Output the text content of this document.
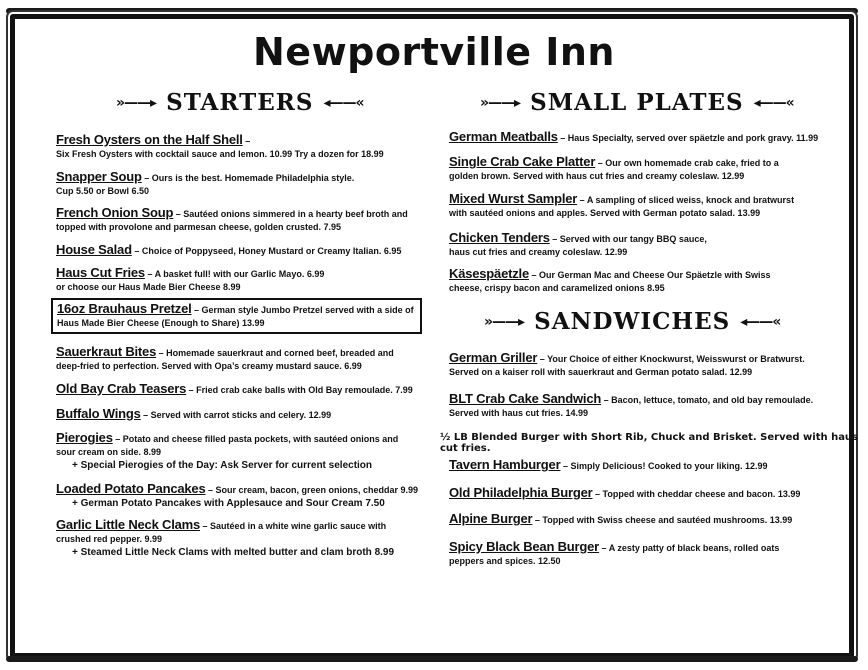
Newportville Inn
»——▸ STARTERS ◂——«	»——▸ SMALL PLATES ◂——«
»——▸ SANDWICHES ◂——«
Fresh Oysters on the Half Shell –
Six Fresh Oysters with cocktail sauce and lemon. 10.99 Try a dozen for 18.99
Snapper Soup – Ours is the best. Homemade Philadelphia style.
Cup 5.50 or Bowl 6.50
French Onion Soup – Sautéed onions simmered in a hearty beef broth and
topped with provolone and parmesan cheese, golden crusted. 7.95
House Salad – Choice of Poppyseed, Honey Mustard or Creamy Italian. 6.95
Haus Cut Fries – A basket full! with our Garlic Mayo. 6.99
or choose our Haus Made Bier Cheese 8.99
16oz Brauhaus Pretzel – German style Jumbo Pretzel served with a side of
Haus Made Bier Cheese (Enough to Share) 13.99
Sauerkraut Bites – Homemade sauerkraut and corned beef, breaded and
deep-fried to perfection. Served with Opa’s creamy mustard sauce. 6.99
Old Bay Crab Teasers – Fried crab cake balls with Old Bay remoulade. 7.99
Buffalo Wings – Served with carrot sticks and celery. 12.99
Pierogies – Potato and cheese filled pasta pockets, with sautéed onions and
sour cream on side. 8.99
+ Special Pierogies of the Day: Ask Server for current selection
Loaded Potato Pancakes – Sour cream, bacon, green onions, cheddar 9.99
+ German Potato Pancakes with Applesauce and Sour Cream 7.50
Garlic Little Neck Clams – Sautéed in a white wine garlic sauce with
crushed red pepper. 9.99
+ Steamed Little Neck Clams with melted butter and clam broth 8.99
German Meatballs – Haus Specialty, served over späetzle and pork gravy. 11.99
Single Crab Cake Platter – Our own homemade crab cake, fried to a
golden brown. Served with haus cut fries and creamy coleslaw. 12.99
Mixed Wurst Sampler – A sampling of sliced weiss, knock and bratwurst
with sautéed onions and apples. Served with German potato salad. 13.99
Chicken Tenders – Served with our tangy BBQ sauce,
haus cut fries and creamy coleslaw. 12.99
Käsespäetzle – Our German Mac and Cheese Our Späetzle with Swiss
cheese, crispy bacon and caramelized onions 8.95
German Griller – Your Choice of either Knockwurst, Weisswurst or Bratwurst.
Served on a kaiser roll with sauerkraut and German potato salad. 12.99
BLT Crab Cake Sandwich – Bacon, lettuce, tomato, and old bay remoulade.
Served with haus cut fries. 14.99
½ LB Blended Burger with Short Rib, Chuck and Brisket. Served with haus cut fries.
Tavern Hamburger – Simply Delicious! Cooked to your liking. 12.99
Old Philadelphia Burger – Topped with cheddar cheese and bacon. 13.99
Alpine Burger – Topped with Swiss cheese and sautéed mushrooms. 13.99
Spicy Black Bean Burger – A zesty patty of black beans, rolled oats
peppers and spices. 12.50
